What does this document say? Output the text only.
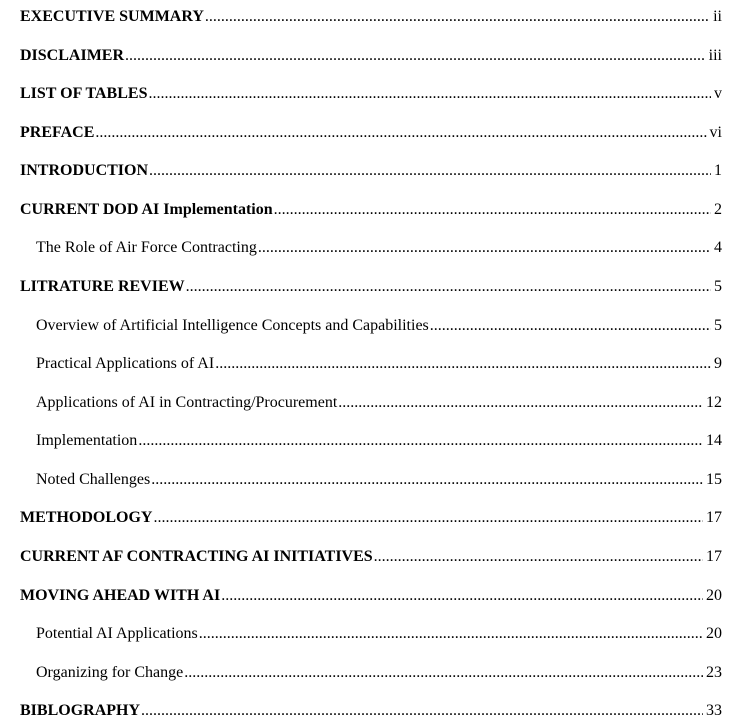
EXECUTIVE SUMMARY .....	ii
DISCLAIMER .....	iii
LIST OF TABLES .....	v
PREFACE .....	vi
INTRODUCTION .....	1
CURRENT DOD AI Implementation .....	2
The Role of Air Force Contracting .....	4
LITRATURE REVIEW .....	5
Overview of Artificial Intelligence Concepts and Capabilities .....	5
Practical Applications of AI .....	9
Applications of AI in Contracting/Procurement .....	12
Implementation .....	14
Noted Challenges .....	15
METHODOLOGY .....	17
CURRENT AF CONTRACTING AI INITIATIVES .....	17
MOVING AHEAD WITH AI .....	20
Potential AI Applications .....	20
Organizing for Change .....	23
BIBLOGRAPHY .....	33
